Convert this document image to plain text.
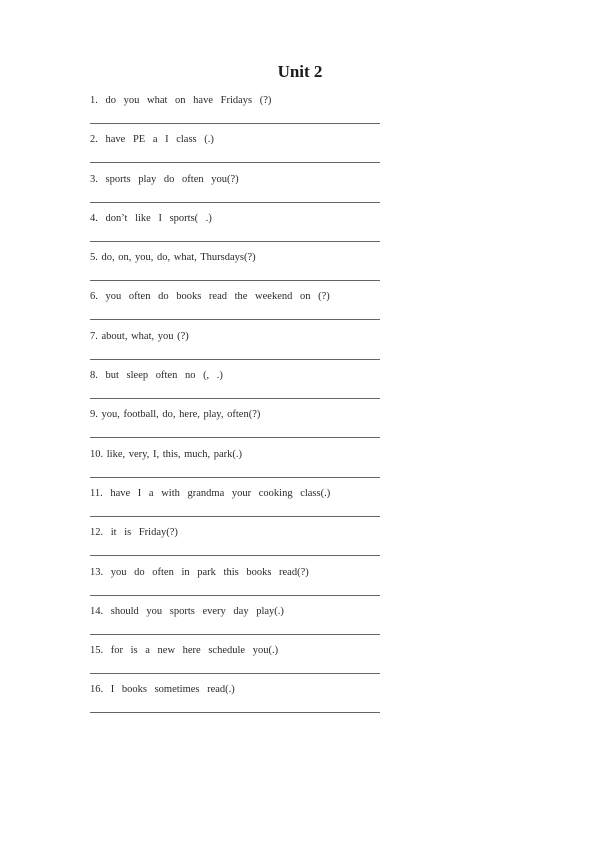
Unit 2
1. do you what on have Fridays (?)
2. have PE a I class (.)
3. sports play do often you(?)
4. don’t like I sports( .)
5. do, on, you, do, what, Thursdays(?)
6. you often do books read the weekend on (?)
7. about, what, you (?)
8. but sleep often no (, .)
9. you, football, do, here, play, often(?)
10. like, very, I, this, much, park(.)
11. have I a with grandma your cooking class(.)
12. it is Friday(?)
13. you do often in park this books read(?)
14. should you sports every day play(.)
15. for is a new here schedule you(.)
16. I books sometimes read(.)
